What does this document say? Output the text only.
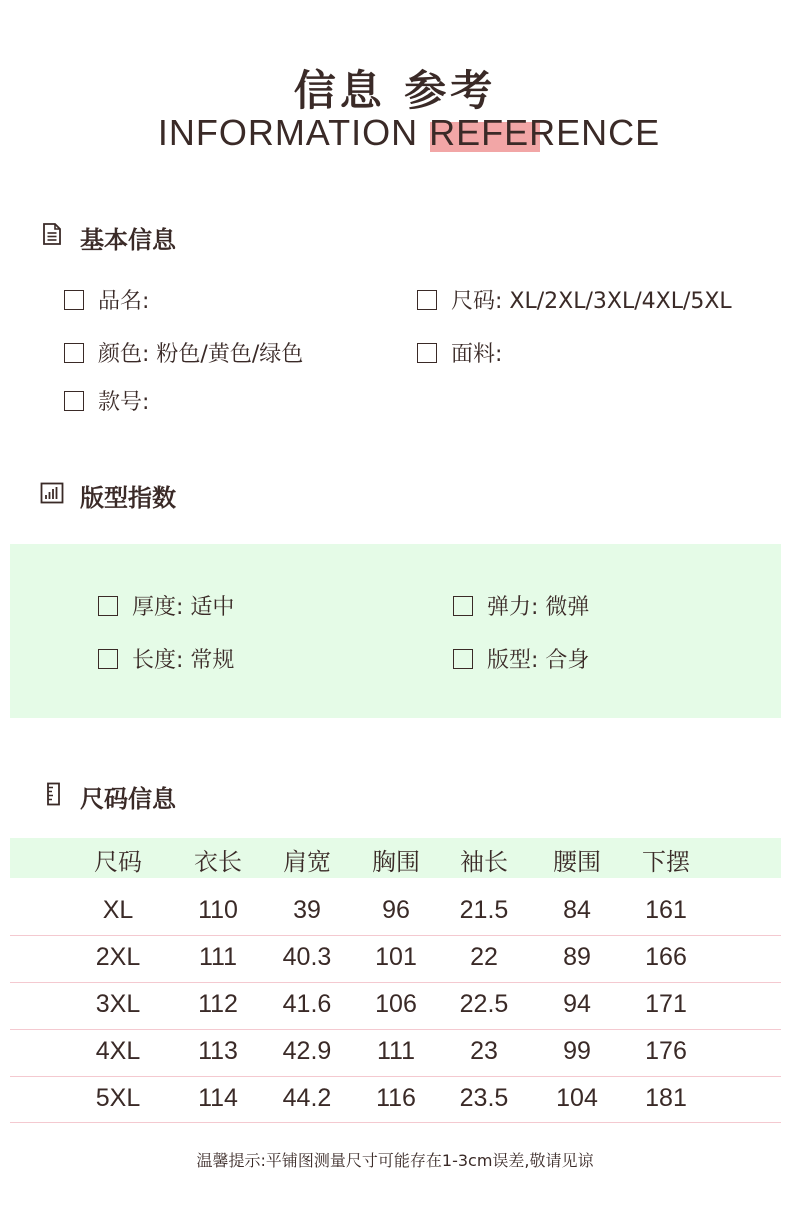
信息 参考
INFORMATION REFERENCE
基本信息
品名:	尺码: XL/2XL/3XL/4XL/5XL
颜色: 粉色/黄色/绿色	面料:
款号:
版型指数
厚度: 适中	弹力: 微弹
长度: 常规	版型: 合身
尺码信息
尺码	衣长	肩宽	胸围	袖长	腰围	下摆
XL	110	39	96	21.5	84	161
2XL	111	40.3	101	22	89	166
3XL	112	41.6	106	22.5	94	171
4XL	113	42.9	111	23	99	176
5XL	114	44.2	116	23.5	104	181
温馨提示:平铺图测量尺寸可能存在1-3cm误差,敬请见谅
